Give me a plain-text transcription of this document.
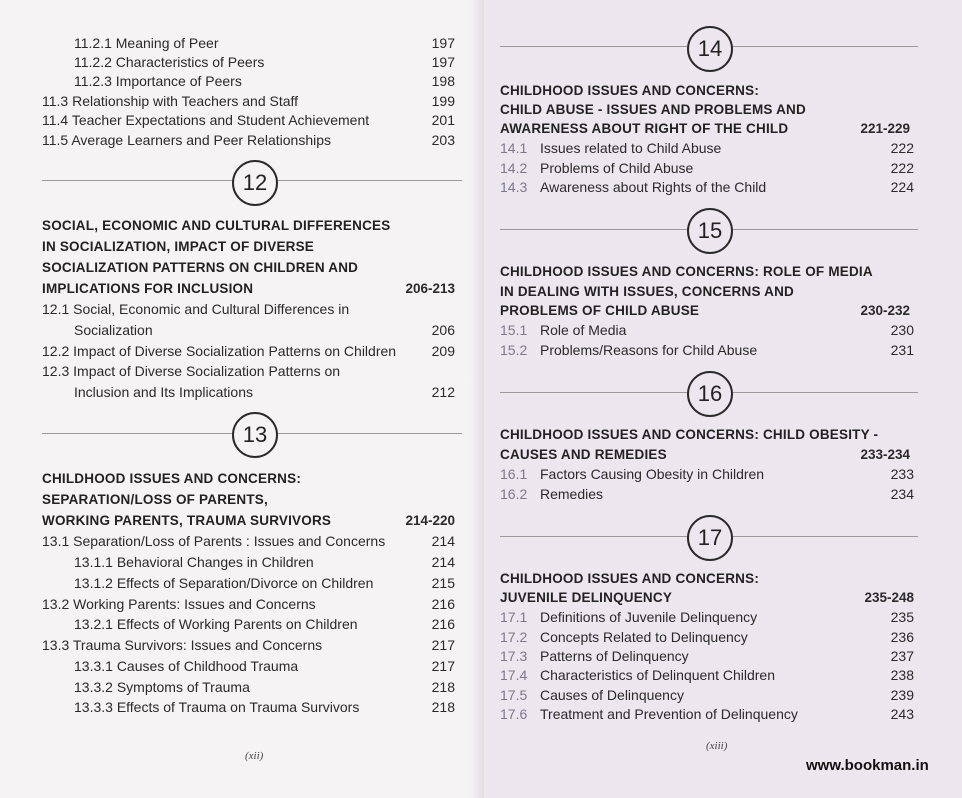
11.2.1 Meaning of Peer	197
11.2.2 Characteristics of Peers	197
11.2.3 Importance of Peers	198
11.3 Relationship with Teachers and Staff	199
11.4 Teacher Expectations and Student Achievement	201
11.5 Average Learners and Peer Relationships	203
12
SOCIAL, ECONOMIC AND CULTURAL DIFFERENCES
IN SOCIALIZATION, IMPACT OF DIVERSE
SOCIALIZATION PATTERNS ON CHILDREN AND
IMPLICATIONS FOR INCLUSION	206-213
12.1 Social, Economic and Cultural Differences in
Socialization	206
12.2 Impact of Diverse Socialization Patterns on Children	209
12.3 Impact of Diverse Socialization Patterns on
Inclusion and Its Implications	212
13
CHILDHOOD ISSUES AND CONCERNS:
SEPARATION/LOSS OF PARENTS,
WORKING PARENTS, TRAUMA SURVIVORS	214-220
13.1 Separation/Loss of Parents : Issues and Concerns	214
13.1.1 Behavioral Changes in Children	214
13.1.2 Effects of Separation/Divorce on Children	215
13.2 Working Parents: Issues and Concerns	216
13.2.1 Effects of Working Parents on Children	216
13.3 Trauma Survivors: Issues and Concerns	217
13.3.1 Causes of Childhood Trauma	217
13.3.2 Symptoms of Trauma	218
13.3.3 Effects of Trauma on Trauma Survivors	218
(xii)
14
CHILDHOOD ISSUES AND CONCERNS:
CHILD ABUSE - ISSUES AND PROBLEMS AND
AWARENESS ABOUT RIGHT OF THE CHILD	221-229
14.1 Issues related to Child Abuse	222
14.2 Problems of Child Abuse	222
14.3 Awareness about Rights of the Child	224
15
CHILDHOOD ISSUES AND CONCERNS: ROLE OF MEDIA
IN DEALING WITH ISSUES, CONCERNS AND
PROBLEMS OF CHILD ABUSE	230-232
15.1 Role of Media	230
15.2 Problems/Reasons for Child Abuse	231
16
CHILDHOOD ISSUES AND CONCERNS: CHILD OBESITY -
CAUSES AND REMEDIES	233-234
16.1 Factors Causing Obesity in Children	233
16.2 Remedies	234
17
CHILDHOOD ISSUES AND CONCERNS:
JUVENILE DELINQUENCY	235-248
17.1 Definitions of Juvenile Delinquency	235
17.2 Concepts Related to Delinquency	236
17.3 Patterns of Delinquency	237
17.4 Characteristics of Delinquent Children	238
17.5 Causes of Delinquency	239
17.6 Treatment and Prevention of Delinquency	243
(xiii)
www.bookman.in
